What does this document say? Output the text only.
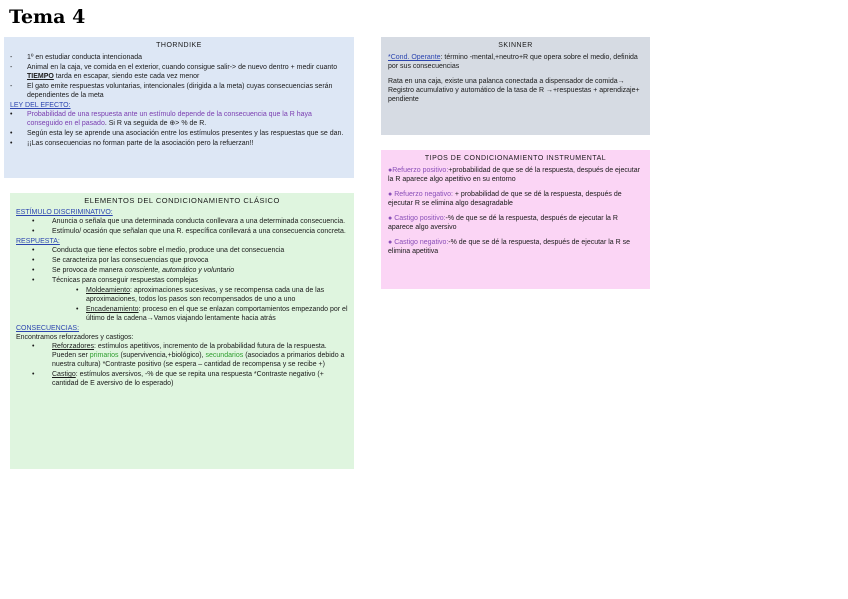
Tema 4
THORNDIKE
-	1º en estudiar conducta intencionada
-	Animal en la caja, ve comida en el exterior, cuando consigue salir-> de nuevo dentro + medir cuanto TIEMPO tarda en escapar, siendo este cada vez menor
-	El gato emite respuestas voluntarias, intencionales (dirigida a la meta) cuyas consecuencias serán dependientes de la meta
LEY DEL EFECTO:
•	Probabilidad de una respuesta ante un estímulo depende de la consecuencia que la R haya conseguido en el pasado. Si R va seguida de ⊕> % de R.
•	Según esta ley se aprende una asociación entre los estímulos presentes y las respuestas que se dan.
•	¡¡Las consecuencias no forman parte de la asociación pero la refuerzan!!
ELEMENTOS DEL CONDICIONAMIENTO CLÁSICO
ESTÍMULO DISCRIMINATIVO:
•	Anuncia o señala que una determinada conducta conllevara a una determinada consecuencia.
•	Estímulo/ ocasión que señalan que una R. específica conllevará a una consecuencia concreta.
RESPUESTA:
•	Conducta que tiene efectos sobre el medio, produce una det consecuencia
•	Se caracteriza por las consecuencias que provoca
•	Se provoca de manera consciente, automático y voluntario
•	Técnicas para conseguir respuestas complejas
•	Moldeamiento: aproximaciones sucesivas, y se recompensa cada una de las aproximaciones, todos los pasos son recompensados de uno a uno
•	Encadenamiento: proceso en el que se enlazan comportamientos empezando por el último de la cadena→Vamos viajando lentamente hacia atrás
CONSECUENCIAS:
Encontramos reforzadores y castigos:
•	Reforzadores: estímulos apetitivos, incremento de la probabilidad futura de la respuesta. Pueden ser primarios (supervivencia,+biológico), secundarios (asociados a primarios debido a nuestra cultura) *Contraste positivo (se espera – cantidad de recompensa y se recibe +)
•	Castigo: estímulos aversivos, -% de que se repita una respuesta *Contraste negativo (+ cantidad de E aversivo de lo esperado)
SKINNER

*Cond. Operante: término -mental,+neutro+R que opera sobre el medio, definida por sus consecuencias

Rata en una caja, existe una palanca conectada a dispensador de comida→ Registro acumulativo y automático de la tasa de R →+respuestas + aprendizaje+ pendiente

TIPOS DE CONDICIONAMIENTO INSTRUMENTAL

●Refuerzo positivo:+probabilidad de que se dé la respuesta, después de ejecutar la R aparece algo apetitivo en su entorno

● Refuerzo negativo: + probabilidad de que se dé la respuesta, después de ejecutar R se elimina algo desagradable

● Castigo positivo:-% de que se dé la respuesta, después de ejecutar la R aparece algo aversivo

● Castigo negativo:-% de que se dé la respuesta, después de ejecutar la R se elimina apetitiva
